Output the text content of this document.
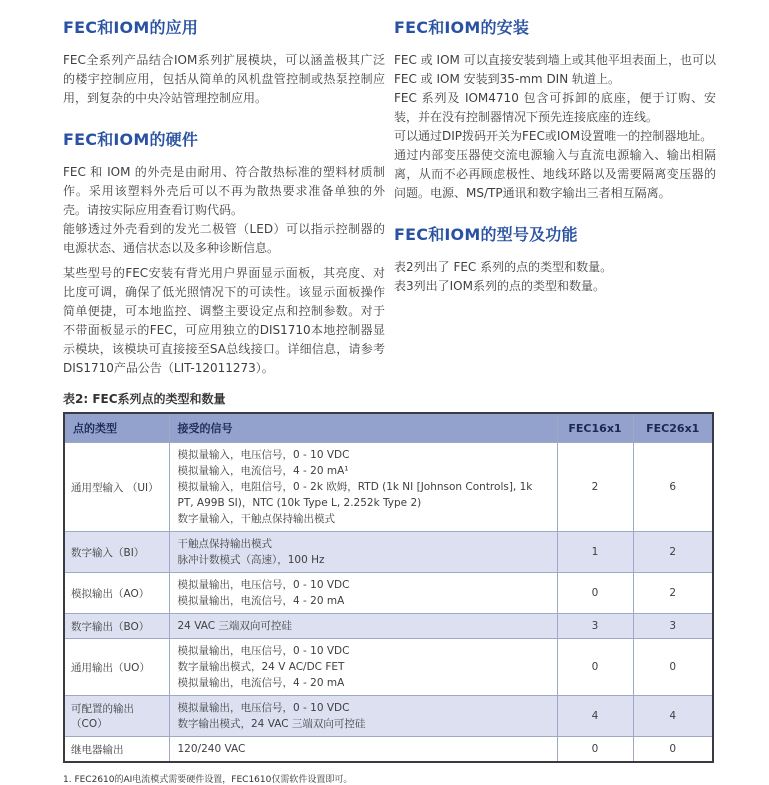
FEC和IOM的应用

FEC全系列产品结合IOM系列扩展模块，可以涵盖极其广泛的楼宇控制应用，包括从简单的风机盘管控制或热泵控制应用，到复杂的中央冷站管理控制应用。

FEC和IOM的硬件

FEC 和 IOM 的外壳是由耐用、符合散热标准的塑料材质制作。采用该塑料外壳后可以不再为散热要求准备单独的外壳。请按实际应用查看订购代码。

能够透过外壳看到的发光二极管（LED）可以指示控制器的电源状态、通信状态以及多种诊断信息。

某些型号的FEC安装有背光用户界面显示面板，其亮度、对比度可调，确保了低光照情况下的可读性。该显示面板操作简单便捷，可本地监控、调整主要设定点和控制参数。对于不带面板显示的FEC，可应用独立的DIS1710本地控制器显示模块，该模块可直接接至SA总线接口。详细信息，请参考DIS1710产品公告（LIT-12011273）。

FEC和IOM的安装

FEC 或 IOM 可以直接安装到墙上或其他平坦表面上，也可以 FEC 或 IOM 安装到35-mm DIN 轨道上。

FEC 系列及 IOM4710 包含可拆卸的底座，便于订购、安装，并在没有控制器情况下预先连接底座的连线。

可以通过DIP拨码开关为FEC或IOM设置唯一的控制器地址。

通过内部变压器使交流电源输入与直流电源输入、输出相隔离，从而不必再顾虑极性、地线环路以及需要隔离变压器的问题。电源、MS/TP通讯和数字输出三者相互隔离。

FEC和IOM的型号及功能

表2列出了 FEC 系列的点的类型和数量。

表3列出了IOM系列的点的类型和数量。

表2: FEC系列点的类型和数量
点的类型	接受的信号	FEC16x1	FEC26x1
通用型输入 （UI）	模拟量输入，电压信号，0 - 10 VDC
模拟量输入，电流信号，4 - 20 mA¹
模拟量输入，电阻信号，0 - 2k 欧姆，RTD (1k NI [Johnson Controls], 1k PT, A99B SI)，NTC (10k Type L, 2.252k Type 2)
数字量输入，干触点保持输出模式	2	6
数字输入（BI）	干触点保持输出模式
脉冲计数模式（高速），100 Hz	1	2
模拟输出（AO）	模拟量输出，电压信号，0 - 10 VDC
模拟量输出，电流信号，4 - 20 mA	0	2
数字输出（BO）	24 VAC 三端双向可控硅	3	3
通用输出（UO）	模拟量输出，电压信号，0 - 10 VDC
数字量输出模式，24 V AC/DC FET
模拟量输出，电流信号，4 - 20 mA	0	0
可配置的输出 （CO）	模拟量输出，电压信号，0 - 10 VDC
数字输出模式，24 VAC 三端双向可控硅	4	4
继电器输出	120/240 VAC	0	0
1. FEC2610的AI电流模式需要硬件设置，FEC1610仅需软件设置即可。
